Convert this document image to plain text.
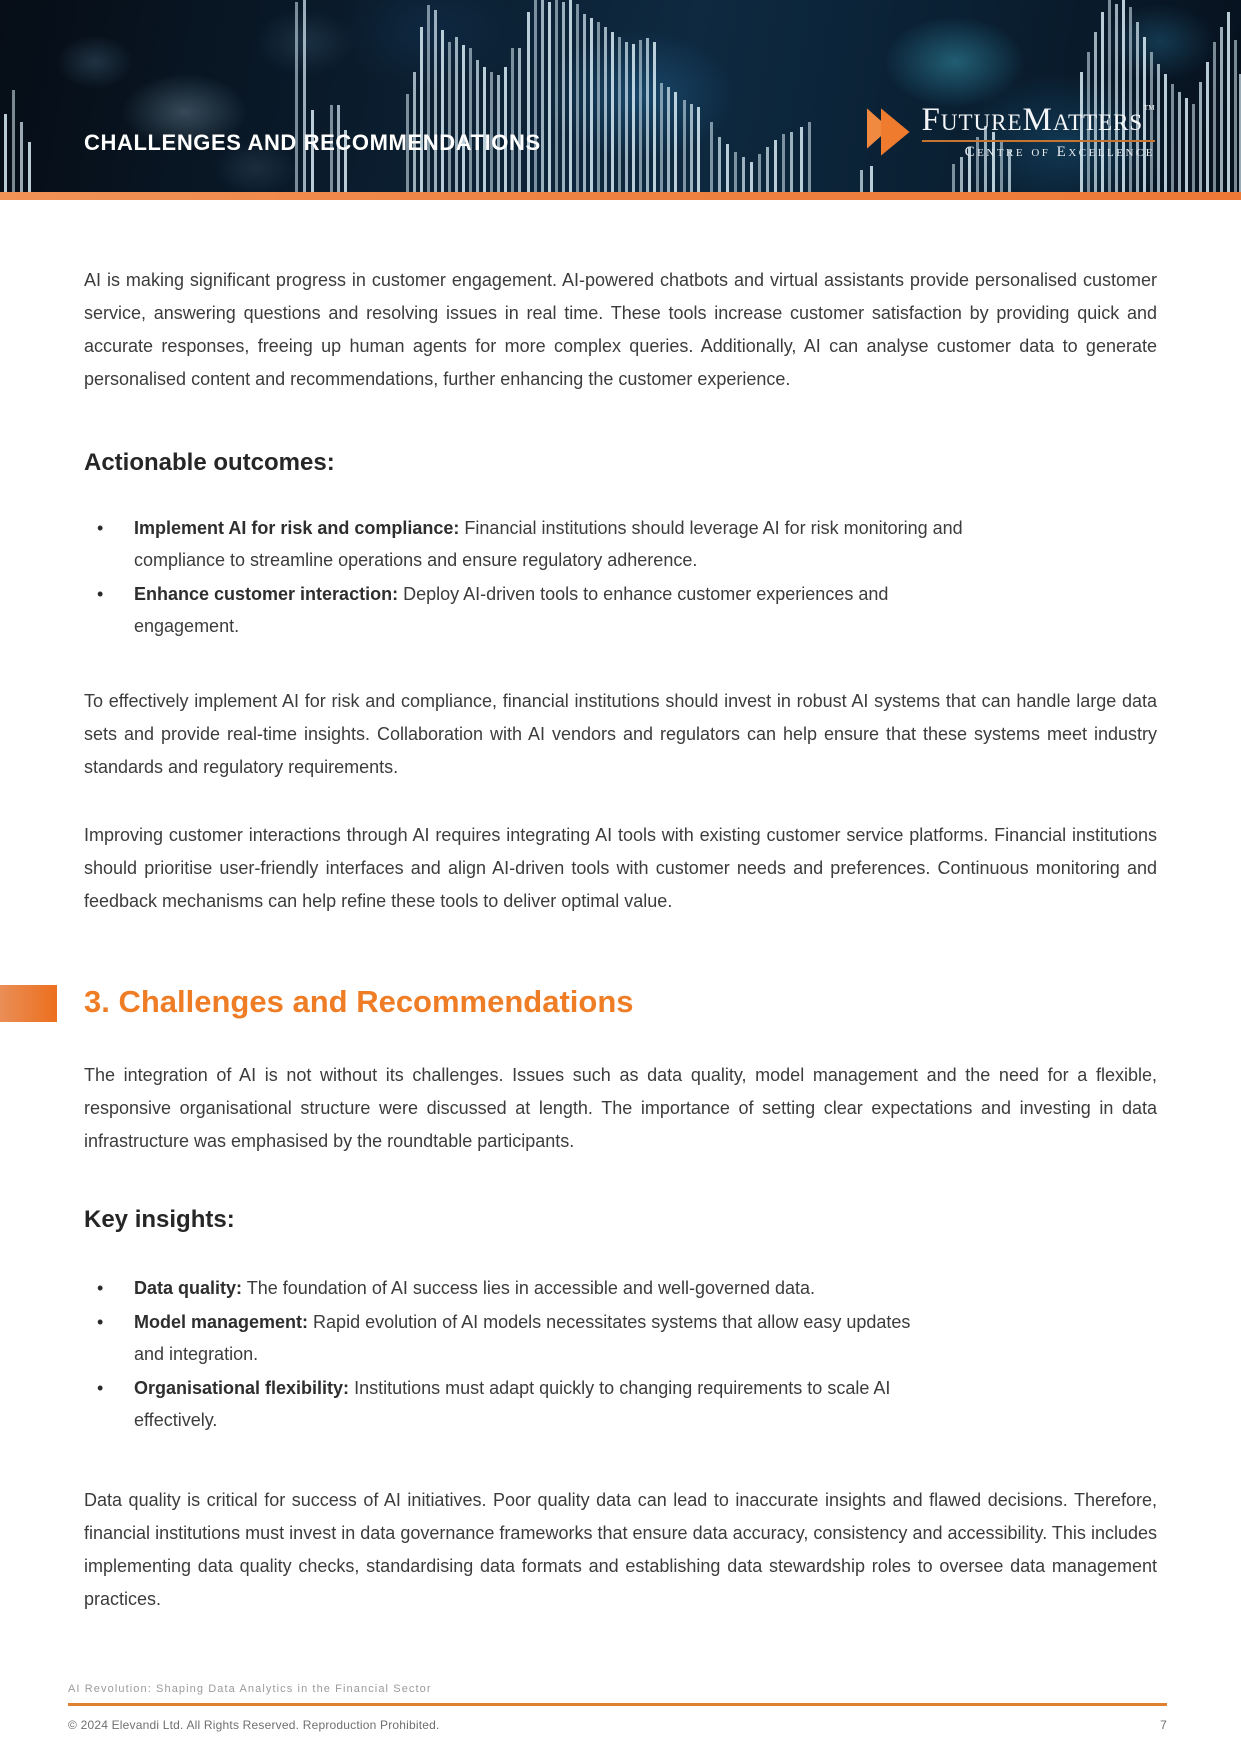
CHALLENGES AND RECOMMENDATIONS
FutureMatters™
Centre of Excellence

AI is making significant progress in customer engagement. AI-powered chatbots and virtual assistants provide personalised customer service, answering questions and resolving issues in real time. These tools increase customer satisfaction by providing quick and accurate responses, freeing up human agents for more complex queries. Additionally, AI can analyse customer data to generate personalised content and recommendations, further enhancing the customer experience.

Actionable outcomes:
• Implement AI for risk and compliance: Financial institutions should leverage AI for risk monitoring and compliance to streamline operations and ensure regulatory adherence.
• Enhance customer interaction: Deploy AI-driven tools to enhance customer experiences and engagement.

To effectively implement AI for risk and compliance, financial institutions should invest in robust AI systems that can handle large data sets and provide real-time insights. Collaboration with AI vendors and regulators can help ensure that these systems meet industry standards and regulatory requirements.

Improving customer interactions through AI requires integrating AI tools with existing customer service platforms. Financial institutions should prioritise user-friendly interfaces and align AI-driven tools with customer needs and preferences. Continuous monitoring and feedback mechanisms can help refine these tools to deliver optimal value.

3. Challenges and Recommendations

The integration of AI is not without its challenges. Issues such as data quality, model management and the need for a flexible, responsive organisational structure were discussed at length. The importance of setting clear expectations and investing in data infrastructure was emphasised by the roundtable participants.

Key insights:
• Data quality: The foundation of AI success lies in accessible and well-governed data.
• Model management: Rapid evolution of AI models necessitates systems that allow easy updates and integration.
• Organisational flexibility: Institutions must adapt quickly to changing requirements to scale AI effectively.

Data quality is critical for success of AI initiatives. Poor quality data can lead to inaccurate insights and flawed decisions. Therefore, financial institutions must invest in data governance frameworks that ensure data accuracy, consistency and accessibility. This includes implementing data quality checks, standardising data formats and establishing data stewardship roles to oversee data management practices.

AI Revolution: Shaping Data Analytics in the Financial Sector
© 2024 Elevandi Ltd. All Rights Reserved. Reproduction Prohibited.	7
